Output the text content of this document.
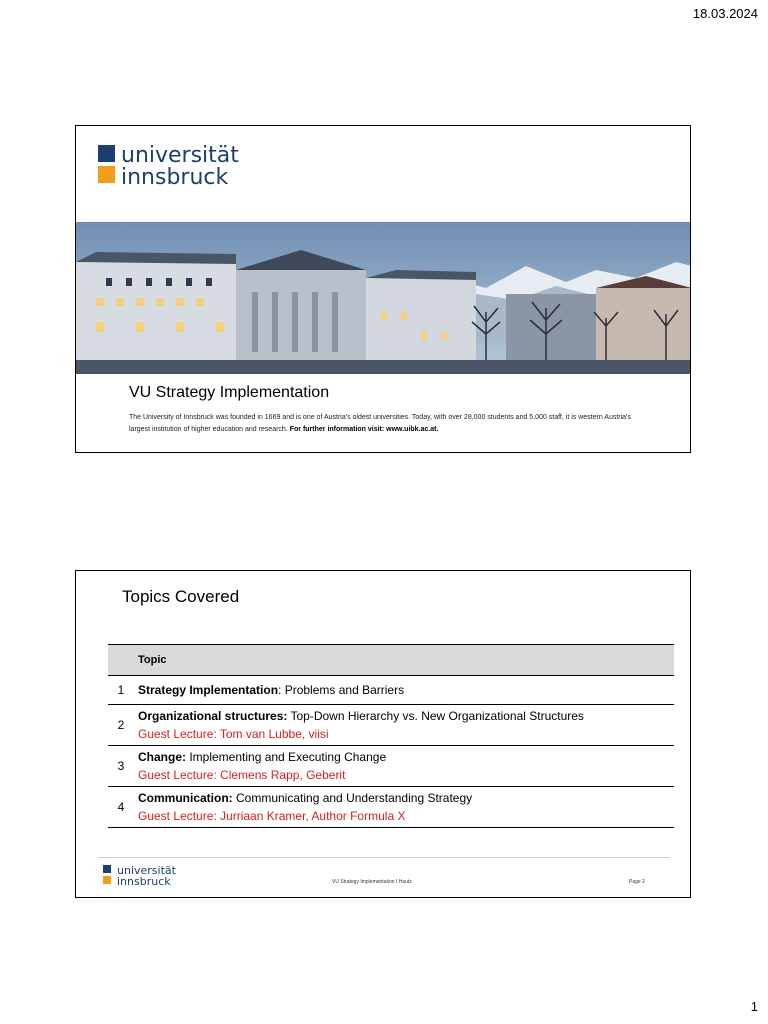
18.03.2024
universität
innsbruck
VU Strategy Implementation
The University of Innsbruck was founded in 1669 and is one of Austria's oldest universities. Today, with over 28,000 students and 5,000 staff, it is western Austria's largest institution of higher education and research. For further information visit: www.uibk.ac.at.
Topics Covered
	Topic
1	Strategy Implementation: Problems and Barriers
2	Organizational structures: Top-Down Hierarchy vs. New Organizational Structures
Guest Lecture: Tom van Lubbe, viisi

3	Change: Implementing and Executing Change
Guest Lecture: Clemens Rapp, Geberit

4	Communication: Communicating and Understanding Strategy
Guest Lecture: Jurriaan Kramer, Author Formula X
universität
innsbruck	VU Strategy Implementation I Hautz	Page 2
1
